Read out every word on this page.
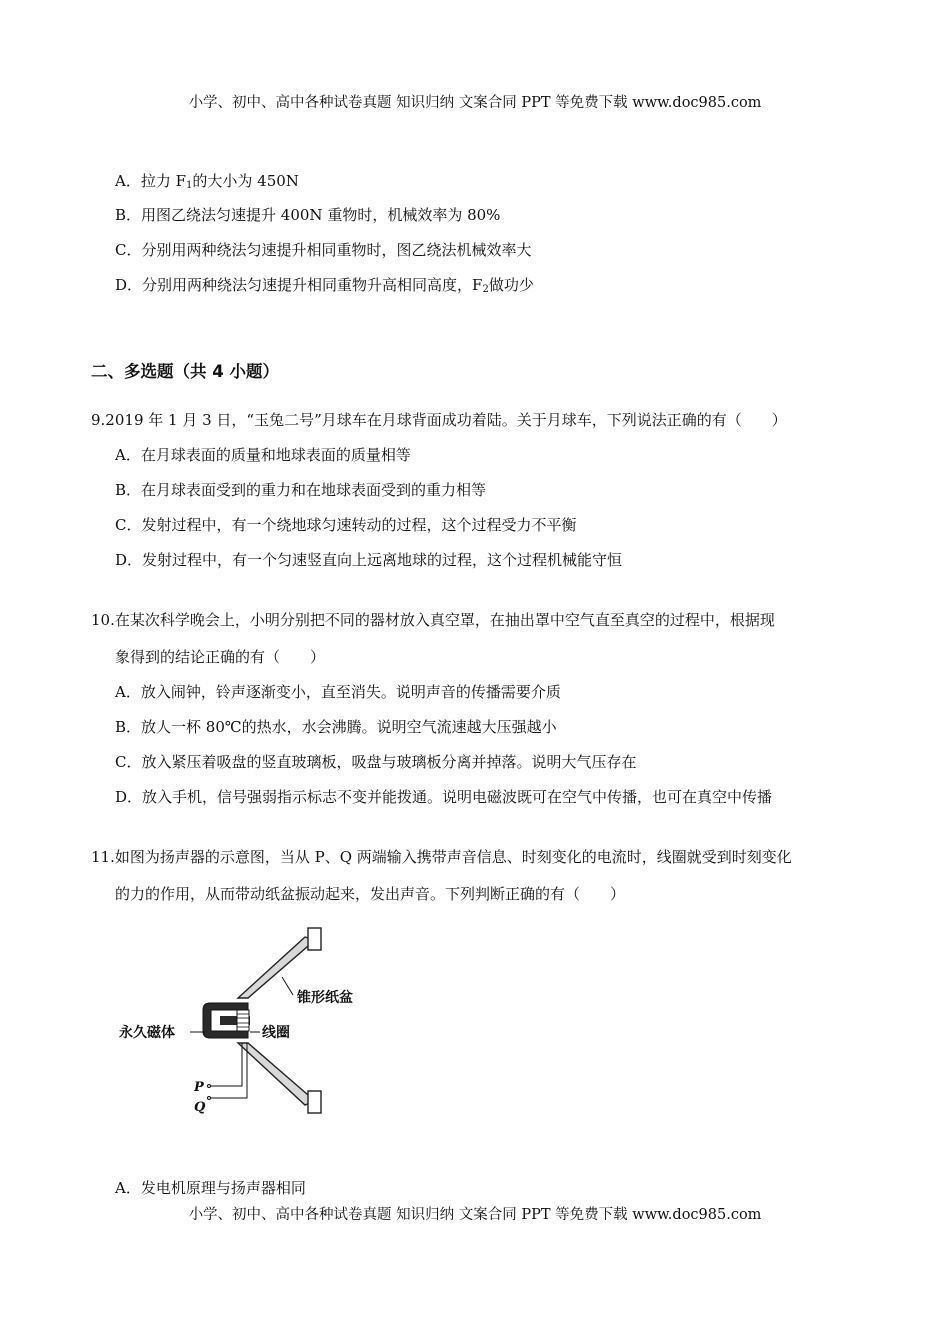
小学、初中、高中各种试卷真题 知识归纳 文案合同 PPT 等免费下载 www.doc985.com
A．拉力 $F_1$的大小为 450N
B．用图乙绕法匀速提升 400N 重物时，机械效率为 80%
C．分别用两种绕法匀速提升相同重物时，图乙绕法机械效率大
D．分别用两种绕法匀速提升相同重物升高相同高度，$F_2$做功少
二、多选题（共 4 小题）
9.2019 年 1 月 3 日，“玉兔二号”月球车在月球背面成功着陆。关于月球车，下列说法正确的有（　　）
A．在月球表面的质量和地球表面的质量相等
B．在月球表面受到的重力和在地球表面受到的重力相等
C．发射过程中，有一个绕地球匀速转动的过程，这个过程受力不平衡
D．发射过程中，有一个匀速竖直向上远离地球的过程，这个过程机械能守恒
10.在某次科学晚会上，小明分别把不同的器材放入真空罩，在抽出罩中空气直至真空的过程中，根据现
象得到的结论正确的有（　　）
A．放入闹钟，铃声逐渐变小，直至消失。说明声音的传播需要介质
B．放人一杯 80℃的热水，水会沸腾。说明空气流速越大压强越小
C．放入紧压着吸盘的竖直玻璃板，吸盘与玻璃板分离并掉落。说明大气压存在
D．放入手机，信号强弱指示标志不变并能拨通。说明电磁波既可在空气中传播，也可在真空中传播
11.如图为扬声器的示意图，当从 P、Q 两端输入携带声音信息、时刻变化的电流时，线圈就受到时刻变化
的力的作用，从而带动纸盆振动起来，发出声音。下列判断正确的有（　　）
锥形纸盆
永久磁体	线圈
P
Q
A．发电机原理与扬声器相同
小学、初中、高中各种试卷真题 知识归纳 文案合同 PPT 等免费下载 www.doc985.com
